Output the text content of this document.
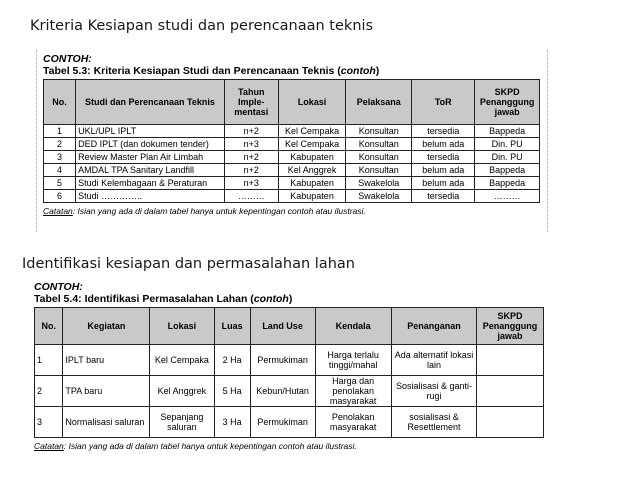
Kriteria Kesiapan studi dan perencanaan teknis
CONTOH:
Tabel 5.3: Kriteria Kesiapan Studi dan Perencanaan Teknis (contoh)
No.	Studi dan Perencanaan Teknis	Tahun Imple-mentasi	Lokasi	Pelaksana	ToR	SKPD Penanggung jawab
1	UKL/UPL IPLT	n+2	Kel Cempaka	Konsultan	tersedia	Bappeda
2	DED IPLT (dan dokumen tender)	n+3	Kel Cempaka	Konsultan	belum ada	Din. PU
3	Review Master Plan Air Limbah	n+2	Kabupaten	Konsultan	tersedia	Din. PU
4	AMDAL TPA Sanitary Landfill	n+2	Kel Anggrek	Konsultan	belum ada	Bappeda
5	Studi Kelembagaan & Peraturan	n+3	Kabupaten	Swakelola	belum ada	Bappeda
6	Studi …………..	………	Kabupaten	Swakelola	tersedia	………
Catatan: Isian yang ada di dalam tabel hanya untuk kepentingan contoh atau ilustrasi.
Identifikasi kesiapan dan permasalahan lahan
CONTOH:
Tabel 5.4: Identifikasi Permasalahan Lahan (contoh)
No.	Kegiatan	Lokasi	Luas	Land Use	Kendala	Penanganan	SKPD Penanggung jawab
1	IPLT baru	Kel Cempaka	2 Ha	Permukiman	Harga terlalu tinggi/mahal	Ada alternatif lokasi lain	
2	TPA baru	Kel Anggrek	5 Ha	Kebun/Hutan	Harga dan penolakan masyarakat	Sosialisasi & ganti-rugi	
3	Normalisasi saluran	Sepanjang saluran	3 Ha	Permukiman	Penolakan masyarakat	sosialisasi & Resettlement	
Catatan: Isian yang ada di dalam tabel hanya untuk kepentingan contoh atau ilustrasi.
